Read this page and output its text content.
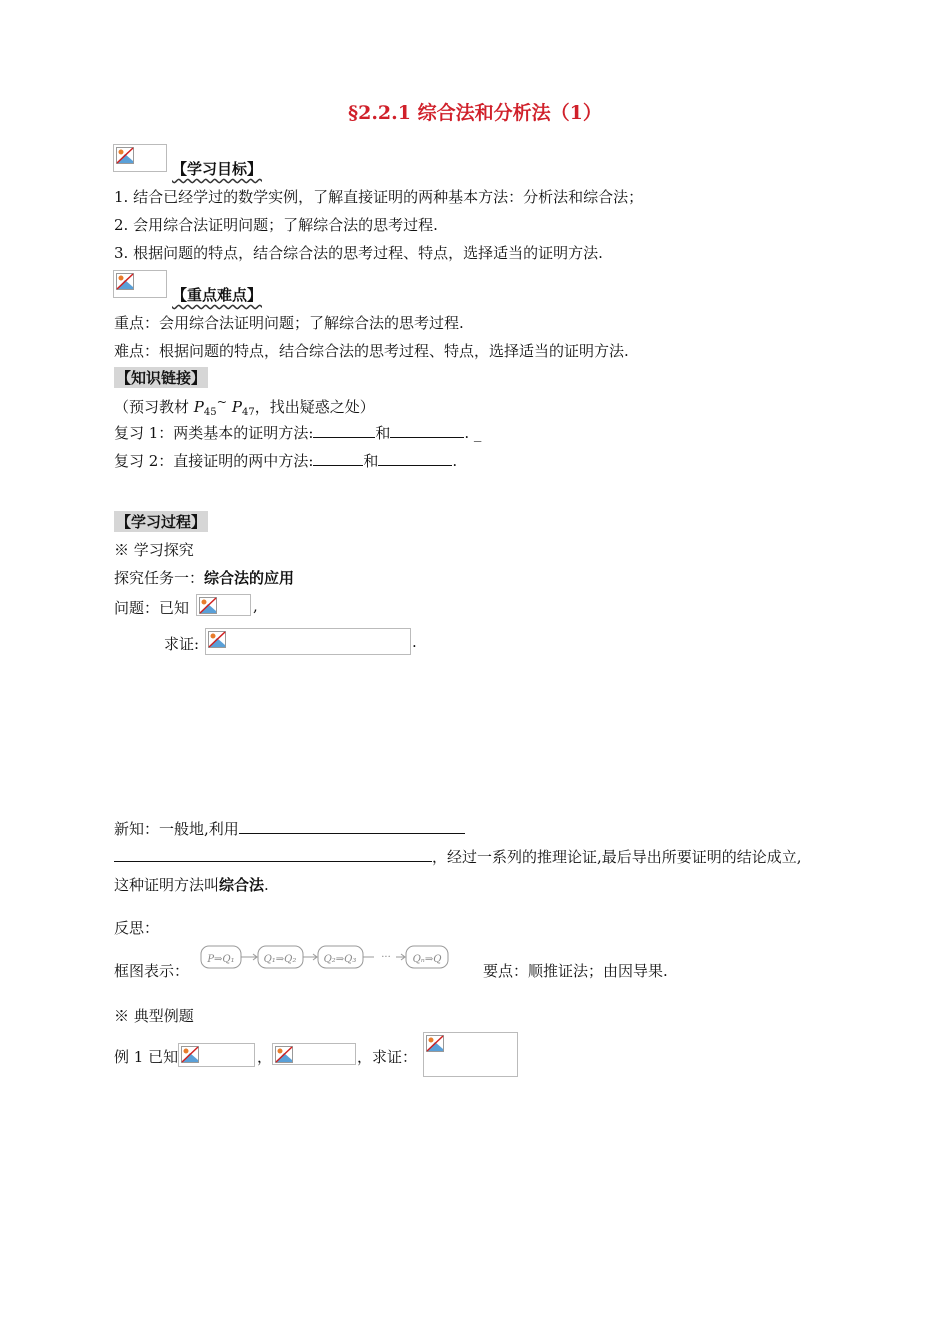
§2.2.1 综合法和分析法（1）
【学习目标】
1. 结合已经学过的数学实例，了解直接证明的两种基本方法：分析法和综合法；
2. 会用综合法证明问题；了解综合法的思考过程.
3. 根据问题的特点，结合综合法的思考过程、特点，选择适当的证明方法.
【重点难点】
重点：会用综合法证明问题；了解综合法的思考过程.
难点：根据问题的特点，结合综合法的思考过程、特点，选择适当的证明方法.
【知识链接】
（预习教材 $P_{45}^\sim$ $P_{47}$，找出疑惑之处）
复习 1：两类基本的证明方法:	和	. _
复习 2：直接证明的两中方法:	和	.
【学习过程】
※ 学习探究
探究任务一：综合法的应用
问题：已知	,
求证:	.
新知：一般地,利用
，经过一系列的推理论证,最后导出所要证明的结论成立,
这种证明方法叫综合法.
反思：
框图表示：
P⇒Q₁	Q₁⇒Q₂	Q₂⇒Q₃ ··· Qₙ⇒Q
要点：顺推证法；由因导果.
※ 典型例题
例 1 已知	，	，求证：
